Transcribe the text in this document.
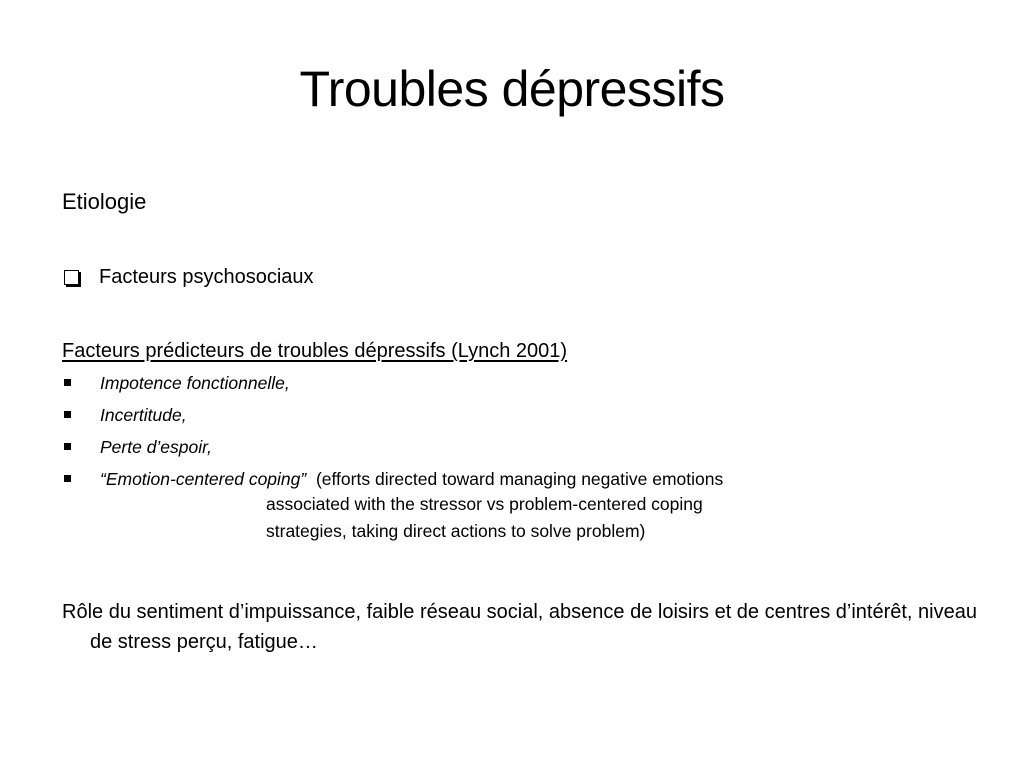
Troubles dépressifs
Etiologie
Facteurs psychosociaux
Facteurs prédicteurs de troubles dépressifs (Lynch 2001)
Impotence fonctionnelle,
Incertitude,
Perte d’espoir,
“Emotion-centered coping” (efforts directed toward managing negative emotions
associated with the stressor vs problem-centered coping
strategies, taking direct actions to solve problem)
Rôle du sentiment d’impuissance, faible réseau social, absence de loisirs et de centres d’intérêt, niveau de stress perçu, fatigue…
